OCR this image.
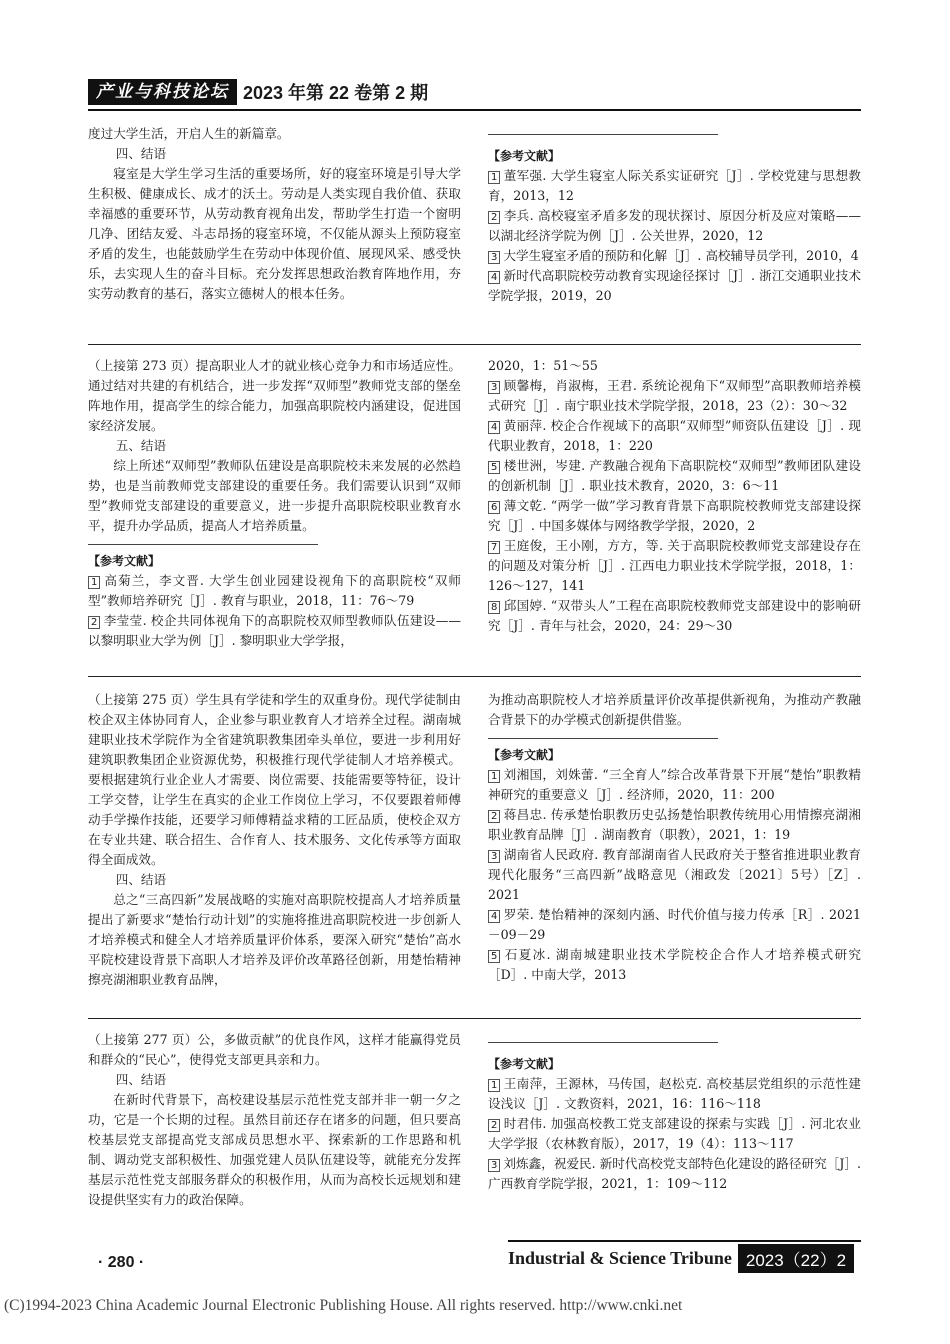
产业与科技论坛 2023 年第 22 卷第 2 期

度过大学生活，开启人生的新篇章。

四、结语

寝室是大学生学习生活的重要场所，好的寝室环境是引导大学生积极、健康成长、成才的沃土。劳动是人类实现自我价值、获取幸福感的重要环节，从劳动教育视角出发，帮助学生打造一个窗明几净、团结友爱、斗志昂扬的寝室环境，不仅能从源头上预防寝室矛盾的发生，也能鼓励学生在劳动中体现价值、展现风采、感受快乐，去实现人生的奋斗目标。充分发挥思想政治教育阵地作用，夯实劳动教育的基石，落实立德树人的根本任务。

【参考文献】

1 董军强. 大学生寝室人际关系实证研究［J］. 学校党建与思想教育，2013，12

2 李兵. 高校寝室矛盾多发的现状探讨、原因分析及应对策略——以湖北经济学院为例［J］. 公关世界，2020，12

3 大学生寝室矛盾的预防和化解［J］. 高校辅导员学刊，2010，4

4 新时代高职院校劳动教育实现途径探讨［J］. 浙江交通职业技术学院学报，2019，20

（上接第 273 页）提高职业人才的就业核心竞争力和市场适应性。通过结对共建的有机结合，进一步发挥“双师型”教师党支部的堡垒阵地作用，提高学生的综合能力，加强高职院校内涵建设，促进国家经济发展。

五、结语

综上所述“双师型”教师队伍建设是高职院校未来发展的必然趋势，也是当前教师党支部建设的重要任务。我们需要认识到“双师型”教师党支部建设的重要意义，进一步提升高职院校职业教育水平，提升办学品质，提高人才培养质量。

【参考文献】

1 高菊兰，李文晋. 大学生创业园建设视角下的高职院校“双师型”教师培养研究［J］. 教育与职业，2018，11：76～79

2 李莹莹. 校企共同体视角下的高职院校双师型教师队伍建设——以黎明职业大学为例［J］. 黎明职业大学学报，

2020，1：51～55

3 顾馨梅，肖淑梅，王君. 系统论视角下“双师型”高职教师培养模式研究［J］. 南宁职业技术学院学报，2018，23（2）：30～32

4 黄丽萍. 校企合作视域下的高职“双师型”师资队伍建设［J］. 现代职业教育，2018，1：220

5 楼世洲，岑建. 产教融合视角下高职院校“双师型”教师团队建设的创新机制［J］. 职业技术教育，2020，3：6～11

6 薄文乾. “两学一做”学习教育背景下高职院校教师党支部建设探究［J］. 中国多媒体与网络教学学报，2020，2

7 王庭俊，王小刚，方方，等. 关于高职院校教师党支部建设存在的问题及对策分析［J］. 江西电力职业技术学院学报，2018，1：126～127，141

8 邱国婷. “双带头人”工程在高职院校教师党支部建设中的影响研究［J］. 青年与社会，2020，24：29～30

（上接第 275 页）学生具有学徒和学生的双重身份。现代学徒制由校企双主体协同育人，企业参与职业教育人才培养全过程。湖南城建职业技术学院作为全省建筑职教集团牵头单位，要进一步利用好建筑职教集团企业资源优势，积极推行现代学徒制人才培养模式。要根据建筑行业企业人才需要、岗位需要、技能需要等特征，设计工学交替，让学生在真实的企业工作岗位上学习，不仅要跟着师傅动手学操作技能，还要学习师傅精益求精的工匠品质，使校企双方在专业共建、联合招生、合作育人、技术服务、文化传承等方面取得全面成效。

四、结语

总之“三高四新”发展战略的实施对高职院校提高人才培养质量提出了新要求“楚怡行动计划”的实施将推进高职院校进一步创新人才培养模式和健全人才培养质量评价体系，要深入研究“楚怡”高水平院校建设背景下高职人才培养及评价改革路径创新，用楚怡精神擦亮湖湘职业教育品牌，

为推动高职院校人才培养质量评价改革提供新视角，为推动产教融合背景下的办学模式创新提供借鉴。

【参考文献】

1 刘湘国，刘姝蕾. “三全育人”综合改革背景下开展“楚怡”职教精神研究的重要意义［J］. 经济师，2020，11：200

2 蒋昌忠. 传承楚怡职教历史弘扬楚怡职教传统用心用情擦亮湖湘职业教育品牌［J］. 湖南教育（职教），2021，1：19

3 湖南省人民政府. 教育部湖南省人民政府关于整省推进职业教育现代化服务“三高四新”战略意见（湘政发〔2021〕5号）［Z］. 2021

4 罗荣. 楚怡精神的深刻内涵、时代价值与接力传承［R］. 2021－09－29

5 石夏冰. 湖南城建职业技术学院校企合作人才培养模式研究［D］. 中南大学，2013

（上接第 277 页）公，多做贡献”的优良作风，这样才能赢得党员和群众的“民心”，使得党支部更具亲和力。

四、结语

在新时代背景下，高校建设基层示范性党支部并非一朝一夕之功，它是一个长期的过程。虽然目前还存在诸多的问题，但只要高校基层党支部提高党支部成员思想水平、探索新的工作思路和机制、调动党支部积极性、加强党建人员队伍建设等，就能充分发挥基层示范性党支部服务群众的积极作用，从而为高校长远规划和建设提供坚实有力的政治保障。

【参考文献】

1 王南萍，王源林，马传国，赵松克. 高校基层党组织的示范性建设浅议［J］. 文教资料，2021，16：116～118

2 时君伟. 加强高校教工党支部建设的探索与实践［J］. 河北农业大学学报（农林教育版），2017，19（4）：113～117

3 刘炼鑫，祝爱民. 新时代高校党支部特色化建设的路径研究［J］. 广西教育学院学报，2021，1：109～112

· 280 ·	Industrial & Science Tribune 2023（22）2
(C)1994-2023 China Academic Journal Electronic Publishing House. All rights reserved. http://www.cnki.net
